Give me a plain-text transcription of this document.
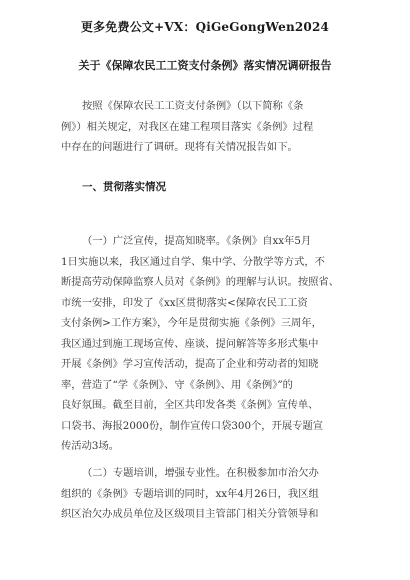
更多免费公文+VX：QiGeGongWen2024
关于《保障农民工工资支付条例》落实情况调研报告
按照《保障农民工工资支付条例》（以下简称《条
例》）相关规定，对我区在建工程项目落实《条例》过程
中存在的问题进行了调研。现将有关情况报告如下。
一、贯彻落实情况
（一）广泛宣传，提高知晓率。《条例》自xx年5月
1日实施以来，我区通过自学、集中学、分散学等方式，不
断提高劳动保障监察人员对《条例》的理解与认识。按照省、
市统一安排，印发了《xx区贯彻落实<保障农民工工资
支付条例>工作方案》，今年是贯彻实施《条例》三周年，
我区通过到施工现场宣传、座谈、提问解答等多形式集中
开展《条例》学习宣传活动，提高了企业和劳动者的知晓
率，营造了“学《条例》、守《条例》、用《条例》”的
良好氛围。截至目前，全区共印发各类《条例》宣传单、
口袋书、海报2000份，制作宣传口袋300个，开展专题宣
传活动3场。
（二）专题培训，增强专业性。在积极参加市治欠办
组织的《条例》专题培训的同时，xx年4月26日，我区组
织区治欠办成员单位及区级项目主管部门相关分管领导和
